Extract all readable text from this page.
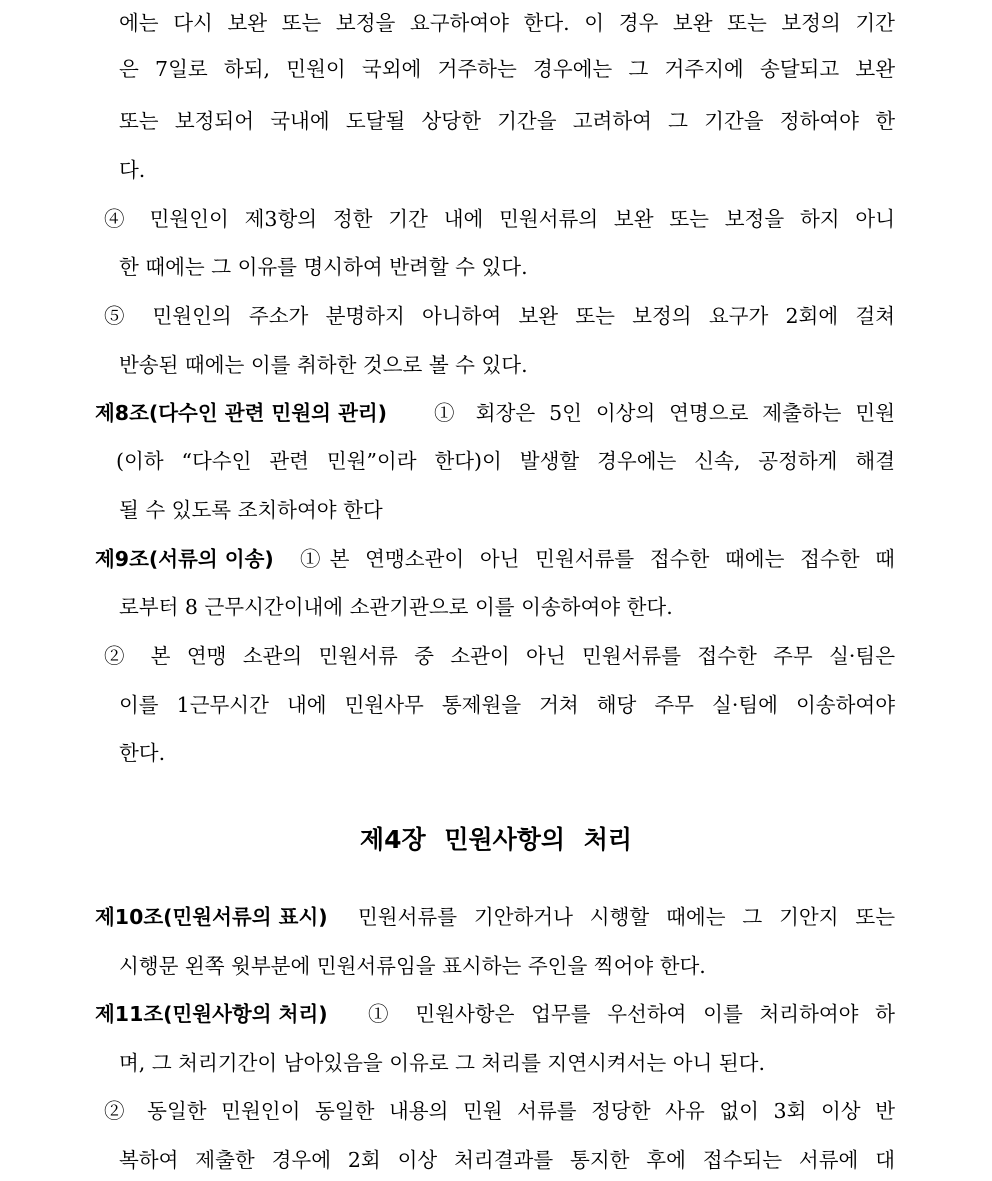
에는 다시 보완 또는 보정을 요구하여야 한다. 이 경우 보완 또는 보정의 기간
은 7일로 하되, 민원이 국외에 거주하는 경우에는 그 거주지에 송달되고 보완
또는 보정되어 국내에 도달될 상당한 기간을 고려하여 그 기간을 정하여야 한
다.
④ 민원인이 제3항의 정한 기간 내에 민원서류의 보완 또는 보정을 하지 아니
한 때에는 그 이유를 명시하여 반려할 수 있다.
⑤ 민원인의 주소가 분명하지 아니하여 보완 또는 보정의 요구가 2회에 걸쳐
반송된 때에는 이를 취하한 것으로 볼 수 있다.
제8조(다수인 관련 민원의 관리) ① 회장은 5인 이상의 연명으로 제출하는 민원
(이하 “다수인 관련 민원”이라 한다)이 발생할 경우에는 신속, 공정하게 해결
될 수 있도록 조치하여야 한다
제9조(서류의 이송) ①본 연맹소관이 아닌 민원서류를 접수한 때에는 접수한 때
로부터 8 근무시간이내에 소관기관으로 이를 이송하여야 한다.
② 본 연맹 소관의 민원서류 중 소관이 아닌 민원서류를 접수한 주무 실·팀은
이를 1근무시간 내에 민원사무 통제원을 거쳐 해당 주무 실·팀에 이송하여야
한다.
제4장 민원사항의 처리
제10조(민원서류의 표시) 민원서류를 기안하거나 시행할 때에는 그 기안지 또는
시행문 왼쪽 윗부분에 민원서류임을 표시하는 주인을 찍어야 한다.
제11조(민원사항의 처리) ① 민원사항은 업무를 우선하여 이를 처리하여야 하
며, 그 처리기간이 남아있음을 이유로 그 처리를 지연시켜서는 아니 된다.
② 동일한 민원인이 동일한 내용의 민원 서류를 정당한 사유 없이 3회 이상 반
복하여 제출한 경우에 2회 이상 처리결과를 통지한 후에 접수되는 서류에 대
